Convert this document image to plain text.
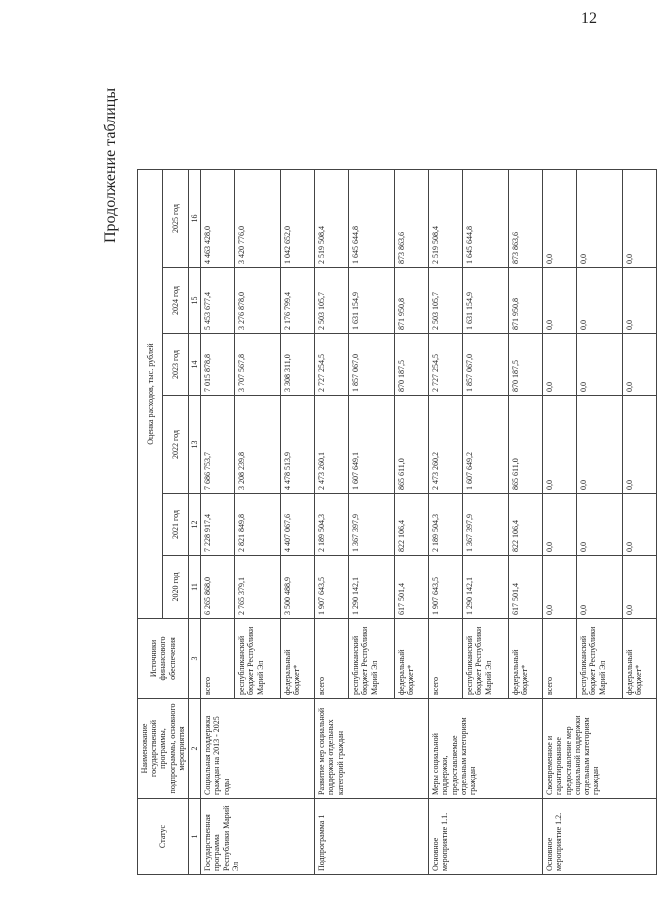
12
Продолжение таблицы
Статус	Наименование государственной программы, подпрограммы, основного мероприятия	Источники финансового обеспечения	Оценка расходов, тыс. рублей					
			2020 год	2021 год	2022 год	2023 год	2024 год	2025 год
1	2	3	11	12	13	14	15	16
Государственная программа Республики Марий Эл	Социальная поддержка граждан на 2013 - 2025 годы	всего	6 265 868,0	7 228 917,4	7 686 753,7	7 015 878,8	5 453 677,4	4 463 428,0
		республиканский бюджет Республики Марий Эл	2 765 379,1	2 821 849,8	3 208 239,8	3 707 567,8	3 276 878,0	3 420 776,0
		федеральный бюджет*	3 500 488,9	4 407 067,6	4 478 513,9	3 308 311,0	2 176 799,4	1 042 652,0
Подпрограмма 1	Развитие мер социальной поддержки отдельных категорий граждан	всего	1 907 643,5	2 189 504,3	2 473 260,1	2 727 254,5	2 503 105,7	2 519 508,4
		республиканский бюджет Республики Марий Эл	1 290 142,1	1 367 397,9	1 607 649,1	1 857 067,0	1 631 154,9	1 645 644,8
		федеральный бюджет*	617 501,4	822 106,4	865 611,0	870 187,5	871 950,8	873 863,6
Основное мероприятие 1.1.	Меры социальной поддержки, предоставляемые отдельным категориям граждан	всего	1 907 643,5	2 189 504,3	2 473 260,2	2 727 254,5	2 503 105,7	2 519 508,4
		республиканский бюджет Республики Марий Эл	1 290 142,1	1 367 397,9	1 607 649,2	1 857 067,0	1 631 154,9	1 645 644,8
		федеральный бюджет*	617 501,4	822 106,4	865 611,0	870 187,5	871 950,8	873 863,6
Основное мероприятие 1.2.	Своевременное и гарантированное предоставление мер социальной поддержки отдельным категориям граждан	всего	0,0	0,0	0,0	0,0	0,0	0,0
		республиканский бюджет Республики Марий Эл	0,0	0,0	0,0	0,0	0,0	0,0
		федеральный бюджет*	0,0	0,0	0,0	0,0	0,0	0,0
